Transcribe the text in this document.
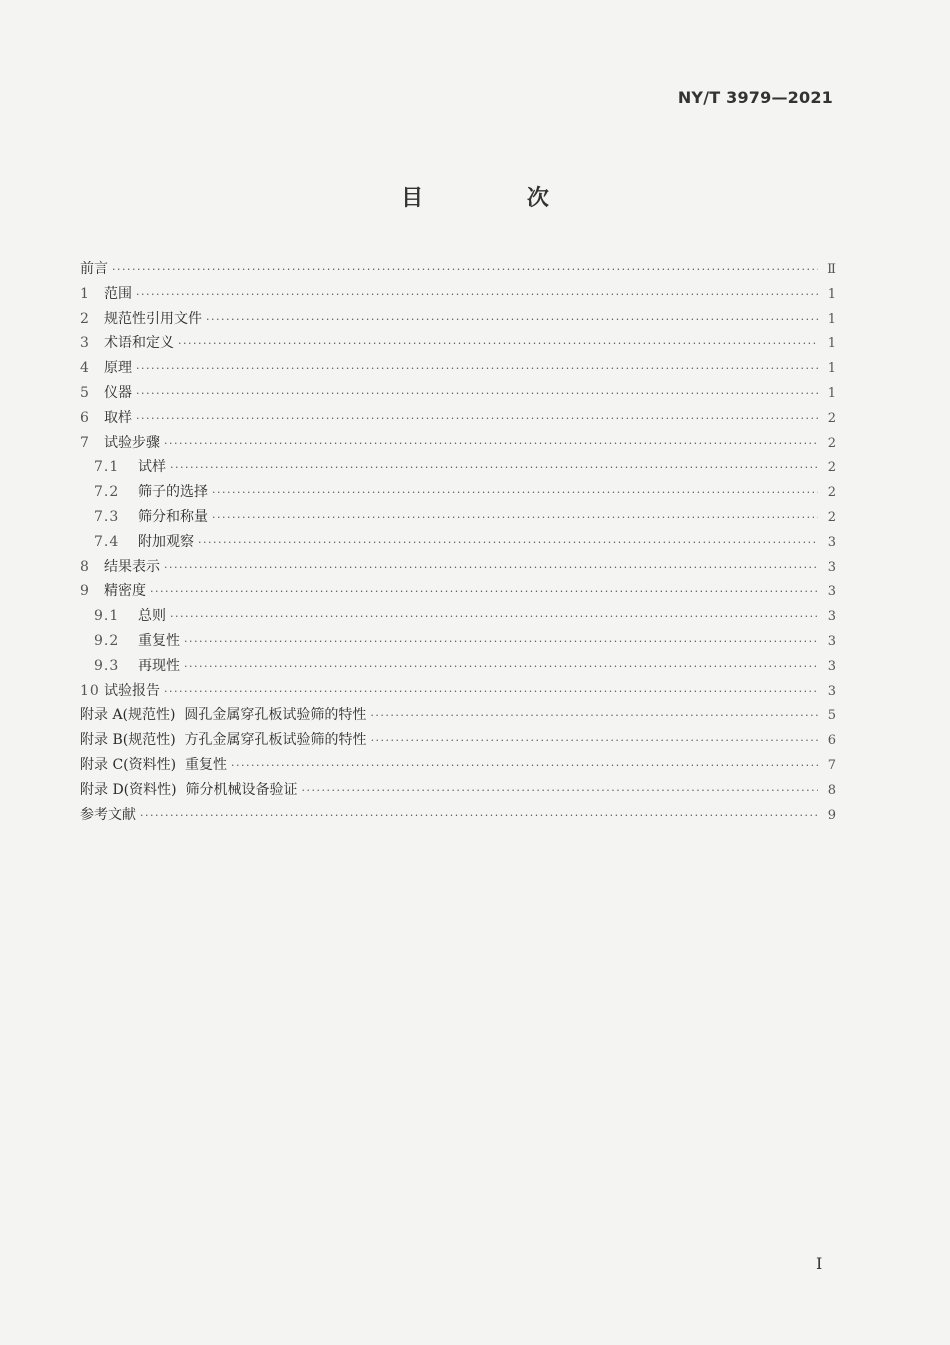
NY/T 3979—2021
目 次
前言 ·····	Ⅱ
1	范围 ·····	1
2	规范性引用文件 ·····	1
3	术语和定义 ·····	1
4	原理 ·····	1
5	仪器 ·····	1
6	取样 ·····	2
7	试验步骤 ·····	2
7.1	试样 ·····	2
7.2	筛子的选择 ·····	2
7.3	筛分和称量 ·····	2
7.4	附加观察 ·····	3
8	结果表示 ·····	3
9	精密度 ·····	3
9.1	总则 ·····	3
9.2	重复性 ·····	3
9.3	再现性 ·····	3
10 试验报告 ·····	3
附录 A(规范性)  圆孔金属穿孔板试验筛的特性 ·····	5
附录 B(规范性)  方孔金属穿孔板试验筛的特性 ·····	6
附录 C(资料性)  重复性 ·····	7
附录 D(资料性)  筛分机械设备验证 ·····	8
参考文献 ·····	9
I
